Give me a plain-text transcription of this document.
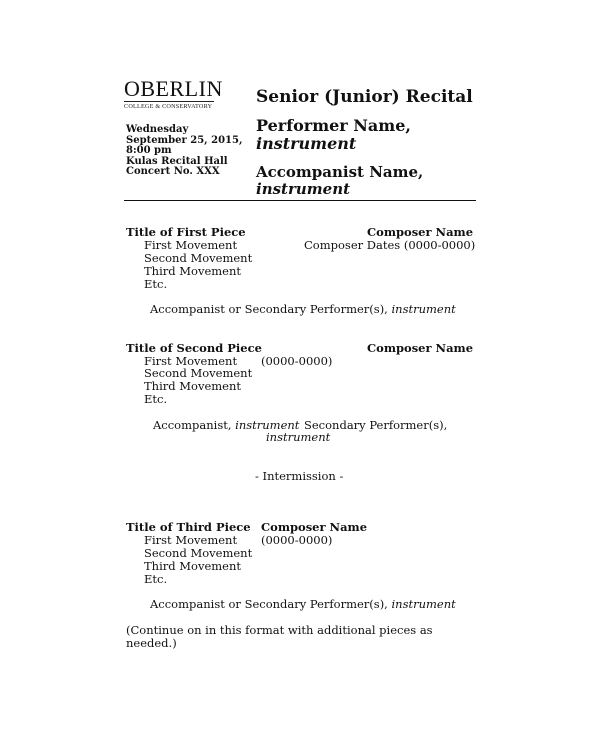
OBERLIN
COLLEGE & CONSERVATORY
Wednesday
September 25, 2015,
8:00 pm
Kulas Recital Hall
Concert No. XXX
Senior (Junior) Recital
Performer Name,
instrument
Accompanist Name,
instrument
Title of First Piece	Composer Name
Composer Dates (0000-0000)
First Movement
Second Movement
Third Movement
Etc.
Accompanist or Secondary Performer(s), instrument
Title of Second Piece	Composer Name
(0000-0000)
First Movement
Second Movement
Third Movement
Etc.
Accompanist, instrument Secondary Performer(s),
instrument
- Intermission -
Title of Third Piece Composer Name
(0000-0000)
First Movement
Second Movement
Third Movement
Etc.
Accompanist or Secondary Performer(s), instrument
(Continue on in this format with additional pieces as
needed.)
